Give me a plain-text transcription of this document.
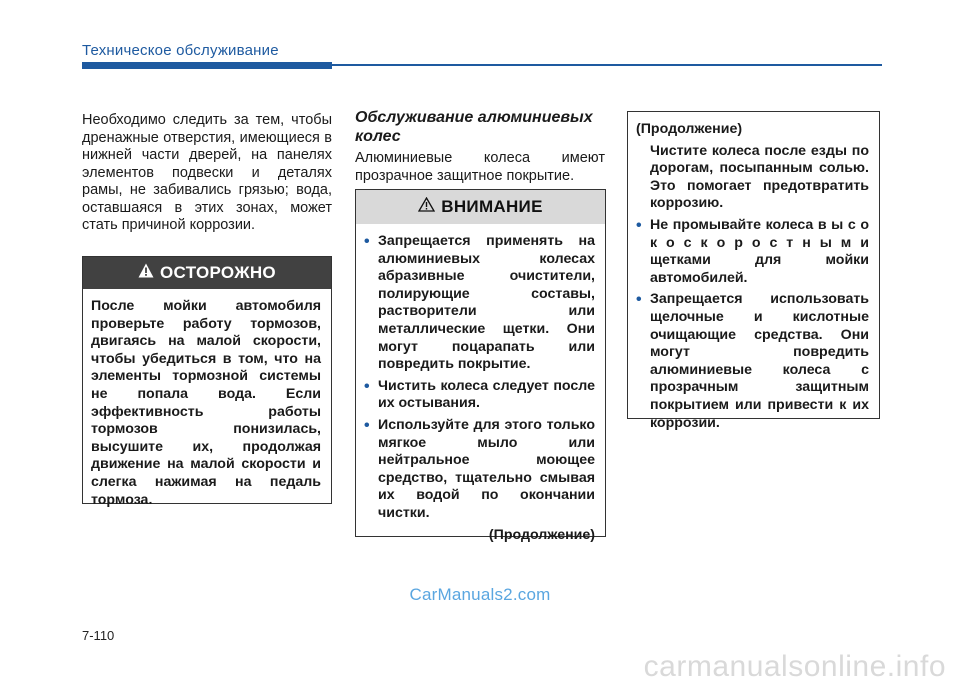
Техническое обслуживание
Необходимо следить за тем, чтобы дренажные отверстия, имеющиеся в нижней части дверей, на панелях элементов подвески и деталях рамы, не забивались грязью; вода, оставшаяся в этих зонах, может стать причиной коррозии.
ОСТОРОЖНО
После мойки автомобиля проверьте работу тормозов, двигаясь на малой скорости, чтобы убедиться в том, что на элементы тормозной системы не попала вода. Если эффективность работы тормозов понизилась, высушите их, продолжая движение на малой скорости и слегка нажимая на педаль тормоза.
Обслуживание алюминиевых колес
Алюминиевые колеса имеют
прозрачное защитное покрытие.
ВНИМАНИЕ
• Запрещается применять на алюминиевых колесах абразивные очистители, полирующие составы, растворители или металлические щетки. Они могут поцарапать или повредить покрытие.
• Чистить колеса следует после их остывания.
• Используйте для этого только мягкое мыло или нейтральное моющее средство, тщательно смывая их водой по окончании чистки.
(Продолжение)
(Продолжение)
Чистите колеса после езды по дорогам, посыпанным солью. Это помогает предотвратить коррозию.
• Не промывайте колеса в ы с о к о с к о р о с т н ы м и щетками для мойки автомобилей.
• Запрещается использовать щелочные и кислотные очищающие средства. Они могут повредить алюминиевые колеса с прозрачным защитным покрытием или привести к их коррозии.
CarManuals2.com
7-110
carmanualsonline.info
